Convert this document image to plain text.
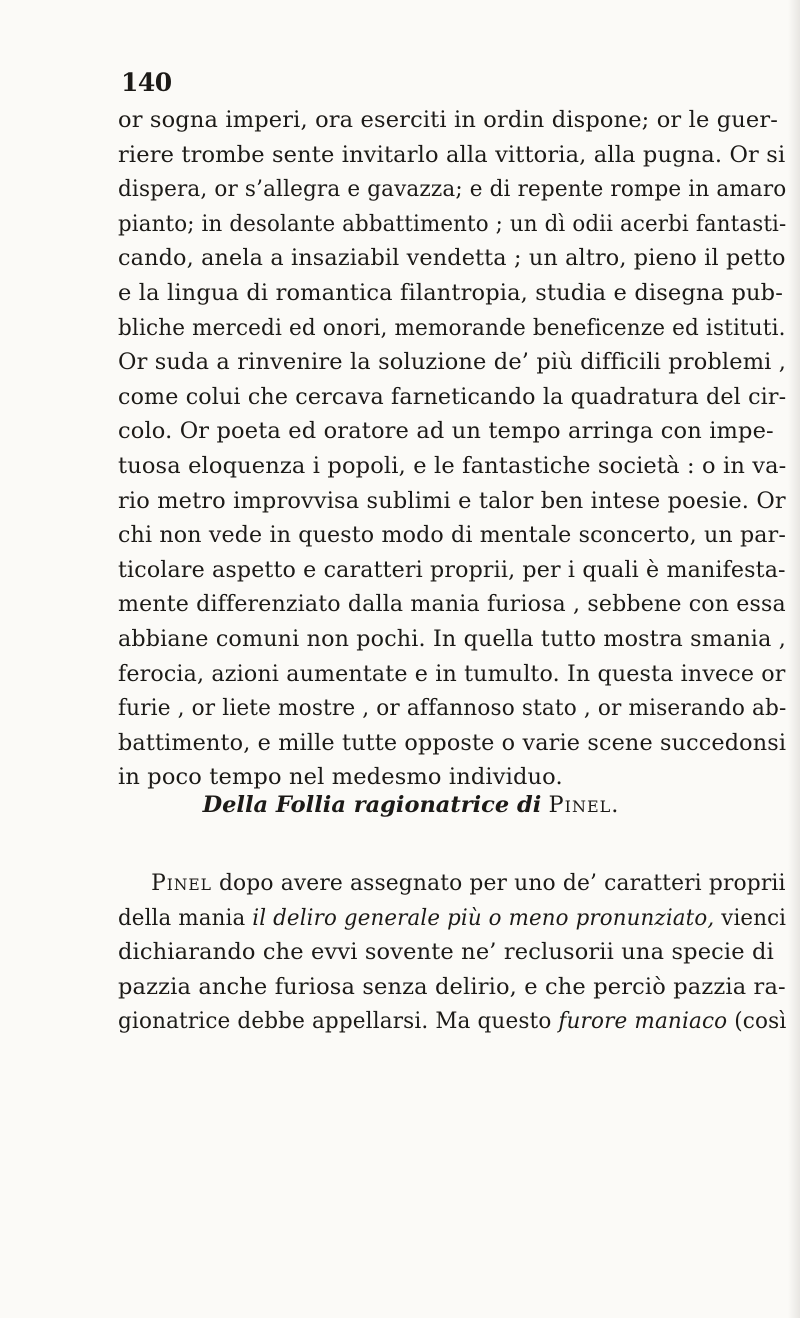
140
or sogna imperi, ora eserciti in ordin dispone; or le guer-
riere trombe sente invitarlo alla vittoria, alla pugna. Or si
dispera, or s’allegra e gavazza; e di repente rompe in amaro
pianto; in desolante abbattimento ; un dì odii acerbi fantasti-
cando, anela a insaziabil vendetta ; un altro, pieno il petto
e la lingua di romantica filantropia, studia e disegna pub-
bliche mercedi ed onori, memorande beneficenze ed istituti.
Or suda a rinvenire la soluzione de’ più difficili problemi ,
come colui che cercava farneticando la quadratura del cir-
colo. Or poeta ed oratore ad un tempo arringa con impe-
tuosa eloquenza i popoli, e le fantastiche società : o in va-
rio metro improvvisa sublimi e talor ben intese poesie. Or
chi non vede in questo modo di mentale sconcerto, un par-
ticolare aspetto e caratteri proprii, per i quali è manifesta-
mente differenziato dalla mania furiosa , sebbene con essa
abbiane comuni non pochi. In quella tutto mostra smania ,
ferocia, azioni aumentate e in tumulto. In questa invece or
furie , or liete mostre , or affannoso stato , or miserando ab-
battimento, e mille tutte opposte o varie scene succedonsi
in poco tempo nel medesmo individuo.
Della Follia ragionatrice di Pinel.
   Pinel dopo avere assegnato per uno de’ caratteri proprii
della mania il deliro generale più o meno pronunziato, vienci
dichiarando che evvi sovente ne’ reclusorii una specie di
pazzia anche furiosa senza delirio, e che perciò pazzia ra-
gionatrice debbe appellarsi. Ma questo furore maniaco (così
